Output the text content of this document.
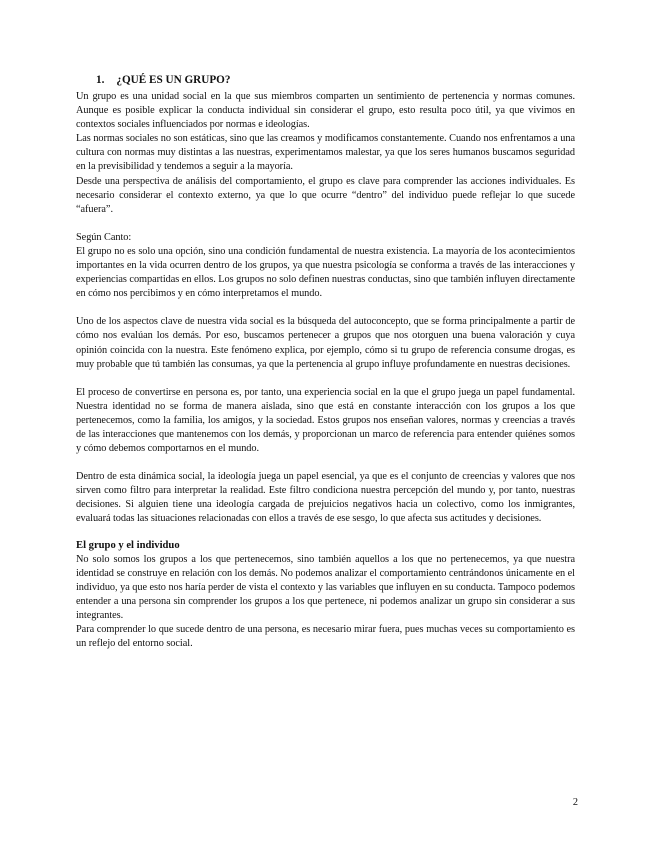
1. ¿QUÉ ES UN GRUPO?

Un grupo es una unidad social en la que sus miembros comparten un sentimiento de pertenencia y normas comunes. Aunque es posible explicar la conducta individual sin considerar el grupo, esto resulta poco útil, ya que vivimos en contextos sociales influenciados por normas e ideologías.

Las normas sociales no son estáticas, sino que las creamos y modificamos constantemente. Cuando nos enfrentamos a una cultura con normas muy distintas a las nuestras, experimentamos malestar, ya que los seres humanos buscamos seguridad en la previsibilidad y tendemos a seguir a la mayoría.

Desde una perspectiva de análisis del comportamiento, el grupo es clave para comprender las acciones individuales. Es necesario considerar el contexto externo, ya que lo que ocurre “dentro” del individuo puede reflejar lo que sucede “afuera”.

Según Canto:

El grupo no es solo una opción, sino una condición fundamental de nuestra existencia. La mayoría de los acontecimientos importantes en la vida ocurren dentro de los grupos, ya que nuestra psicología se conforma a través de las interacciones y experiencias compartidas en ellos. Los grupos no solo definen nuestras conductas, sino que también influyen directamente en cómo nos percibimos y en cómo interpretamos el mundo.

Uno de los aspectos clave de nuestra vida social es la búsqueda del autoconcepto, que se forma principalmente a partir de cómo nos evalúan los demás. Por eso, buscamos pertenecer a grupos que nos otorguen una buena valoración y cuya opinión coincida con la nuestra. Este fenómeno explica, por ejemplo, cómo si tu grupo de referencia consume drogas, es muy probable que tú también las consumas, ya que la pertenencia al grupo influye profundamente en nuestras decisiones.

El proceso de convertirse en persona es, por tanto, una experiencia social en la que el grupo juega un papel fundamental. Nuestra identidad no se forma de manera aislada, sino que está en constante interacción con los grupos a los que pertenecemos, como la familia, los amigos, y la sociedad. Estos grupos nos enseñan valores, normas y creencias a través de las interacciones que mantenemos con los demás, y proporcionan un marco de referencia para entender quiénes somos y cómo debemos comportarnos en el mundo.

Dentro de esta dinámica social, la ideología juega un papel esencial, ya que es el conjunto de creencias y valores que nos sirven como filtro para interpretar la realidad. Este filtro condiciona nuestra percepción del mundo y, por tanto, nuestras decisiones. Si alguien tiene una ideología cargada de prejuicios negativos hacia un colectivo, como los inmigrantes, evaluará todas las situaciones relacionadas con ellos a través de ese sesgo, lo que afecta sus actitudes y decisiones.

El grupo y el individuo

No solo somos los grupos a los que pertenecemos, sino también aquellos a los que no pertenecemos, ya que nuestra identidad se construye en relación con los demás. No podemos analizar el comportamiento centrándonos únicamente en el individuo, ya que esto nos haría perder de vista el contexto y las variables que influyen en su conducta. Tampoco podemos entender a una persona sin comprender los grupos a los que pertenece, ni podemos analizar un grupo sin considerar a sus integrantes.

Para comprender lo que sucede dentro de una persona, es necesario mirar fuera, pues muchas veces su comportamiento es un reflejo del entorno social.

2
